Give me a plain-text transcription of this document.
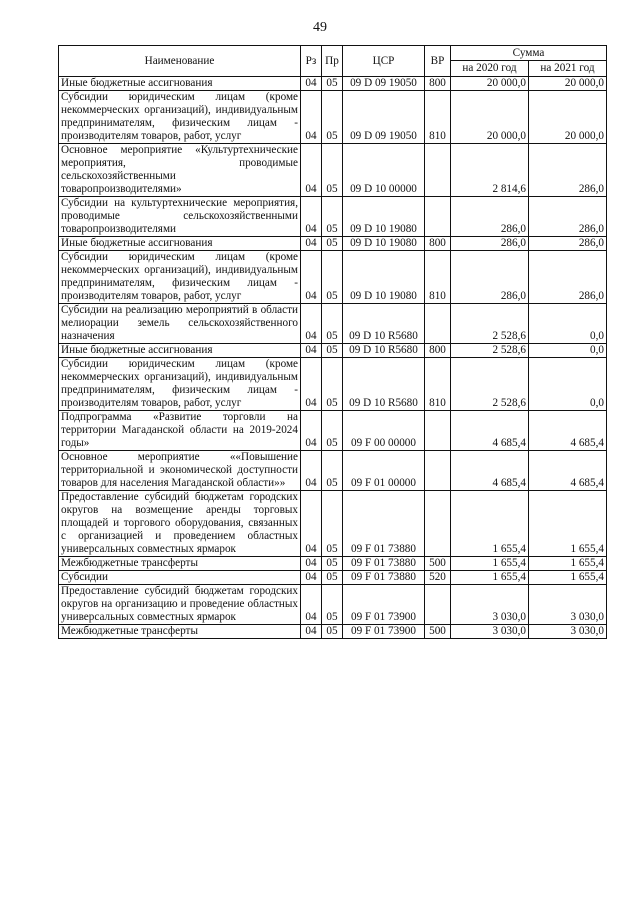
49
Наименование	Рз	Пр	ЦСР	ВР	Сумма	
					на 2020 год	на 2021 год
Иные бюджетные ассигнования	04	05	09 D 09 19050	800	20 000,0	20 000,0
Субсидии юридическим лицам (кроме некоммерческих организаций), индивидуальным предпринимателям, физическим лицам - производителям товаров, работ, услуг	04	05	09 D 09 19050	810	20 000,0	20 000,0
Основное мероприятие «Культуртехнические мероприятия, проводимые сельскохозяйственными товаропроизводителями»	04	05	09 D 10 00000		2 814,6	286,0
Субсидии на культуртехнические мероприятия, проводимые сельскохозяйственными товаропроизводителями	04	05	09 D 10 19080		286,0	286,0
Иные бюджетные ассигнования	04	05	09 D 10 19080	800	286,0	286,0
Субсидии юридическим лицам (кроме некоммерческих организаций), индивидуальным предпринимателям, физическим лицам - производителям товаров, работ, услуг	04	05	09 D 10 19080	810	286,0	286,0
Субсидии на реализацию мероприятий в области мелиорации земель сельскохозяйственного назначения	04	05	09 D 10 R5680		2 528,6	0,0
Иные бюджетные ассигнования	04	05	09 D 10 R5680	800	2 528,6	0,0
Субсидии юридическим лицам (кроме некоммерческих организаций), индивидуальным предпринимателям, физическим лицам - производителям товаров, работ, услуг	04	05	09 D 10 R5680	810	2 528,6	0,0
Подпрограмма «Развитие торговли на территории Магаданской области на 2019-2024 годы»	04	05	09 F 00 00000		4 685,4	4 685,4
Основное мероприятие ««Повышение территориальной и экономической доступности товаров для населения Магаданской области»»	04	05	09 F 01 00000		4 685,4	4 685,4
Предоставление субсидий бюджетам городских округов на возмещение аренды торговых площадей и торгового оборудования, связанных с организацией и проведением областных универсальных совместных ярмарок	04	05	09 F 01 73880		1 655,4	1 655,4
Межбюджетные трансферты	04	05	09 F 01 73880	500	1 655,4	1 655,4
Субсидии	04	05	09 F 01 73880	520	1 655,4	1 655,4
Предоставление субсидий бюджетам городских округов на организацию и проведение областных универсальных совместных ярмарок	04	05	09 F 01 73900		3 030,0	3 030,0
Межбюджетные трансферты	04	05	09 F 01 73900	500	3 030,0	3 030,0
